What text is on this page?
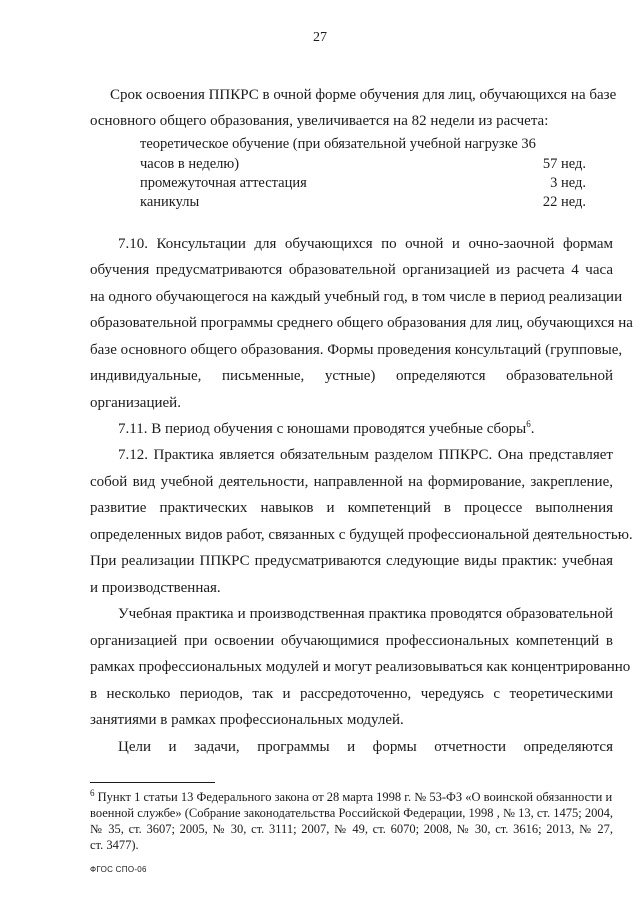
27
Срок освоения ППКРС в очной форме обучения для лиц, обучающихся на базе
основного общего образования, увеличивается на 82 недели из расчета:
теоретическое обучение (при обязательной учебной нагрузке 36
часов в неделю)	57 нед.
промежуточная аттестация	3 нед.
каникулы	22 нед.
7.10. Консультации для обучающихся по очной и очно-заочной формам
обучения предусматриваются образовательной организацией из расчета 4 часа
на одного обучающегося на каждый учебный год, в том числе в период реализации
образовательной программы среднего общего образования для лиц, обучающихся на
базе основного общего образования. Формы проведения консультаций (групповые,
индивидуальные, письменные, устные) определяются образовательной
организацией.
7.11. В период обучения с юношами проводятся учебные сборы$^6$.
7.12. Практика является обязательным разделом ППКРС. Она представляет
собой вид учебной деятельности, направленной на формирование, закрепление,
развитие практических навыков и компетенций в процессе выполнения
определенных видов работ, связанных с будущей профессиональной деятельностью.
При реализации ППКРС предусматриваются следующие виды практик: учебная
и производственная.
Учебная практика и производственная практика проводятся образовательной
организацией при освоении обучающимися профессиональных компетенций в
рамках профессиональных модулей и могут реализовываться как концентрированно
в несколько периодов, так и рассредоточенно, чередуясь с теоретическими
занятиями в рамках профессиональных модулей.
Цели и задачи, программы и формы отчетности определяются
$^6$ Пункт 1 статьи 13 Федерального закона от 28 марта 1998 г. № 53-ФЗ «О воинской обязанности и
военной службе» (Собрание законодательства Российской Федерации, 1998 , № 13, ст. 1475; 2004,
№ 35, ст. 3607; 2005, № 30, ст. 3111; 2007, № 49, ст. 6070; 2008, № 30, ст. 3616; 2013, № 27,
ст. 3477).
ФГОС СПО-06
